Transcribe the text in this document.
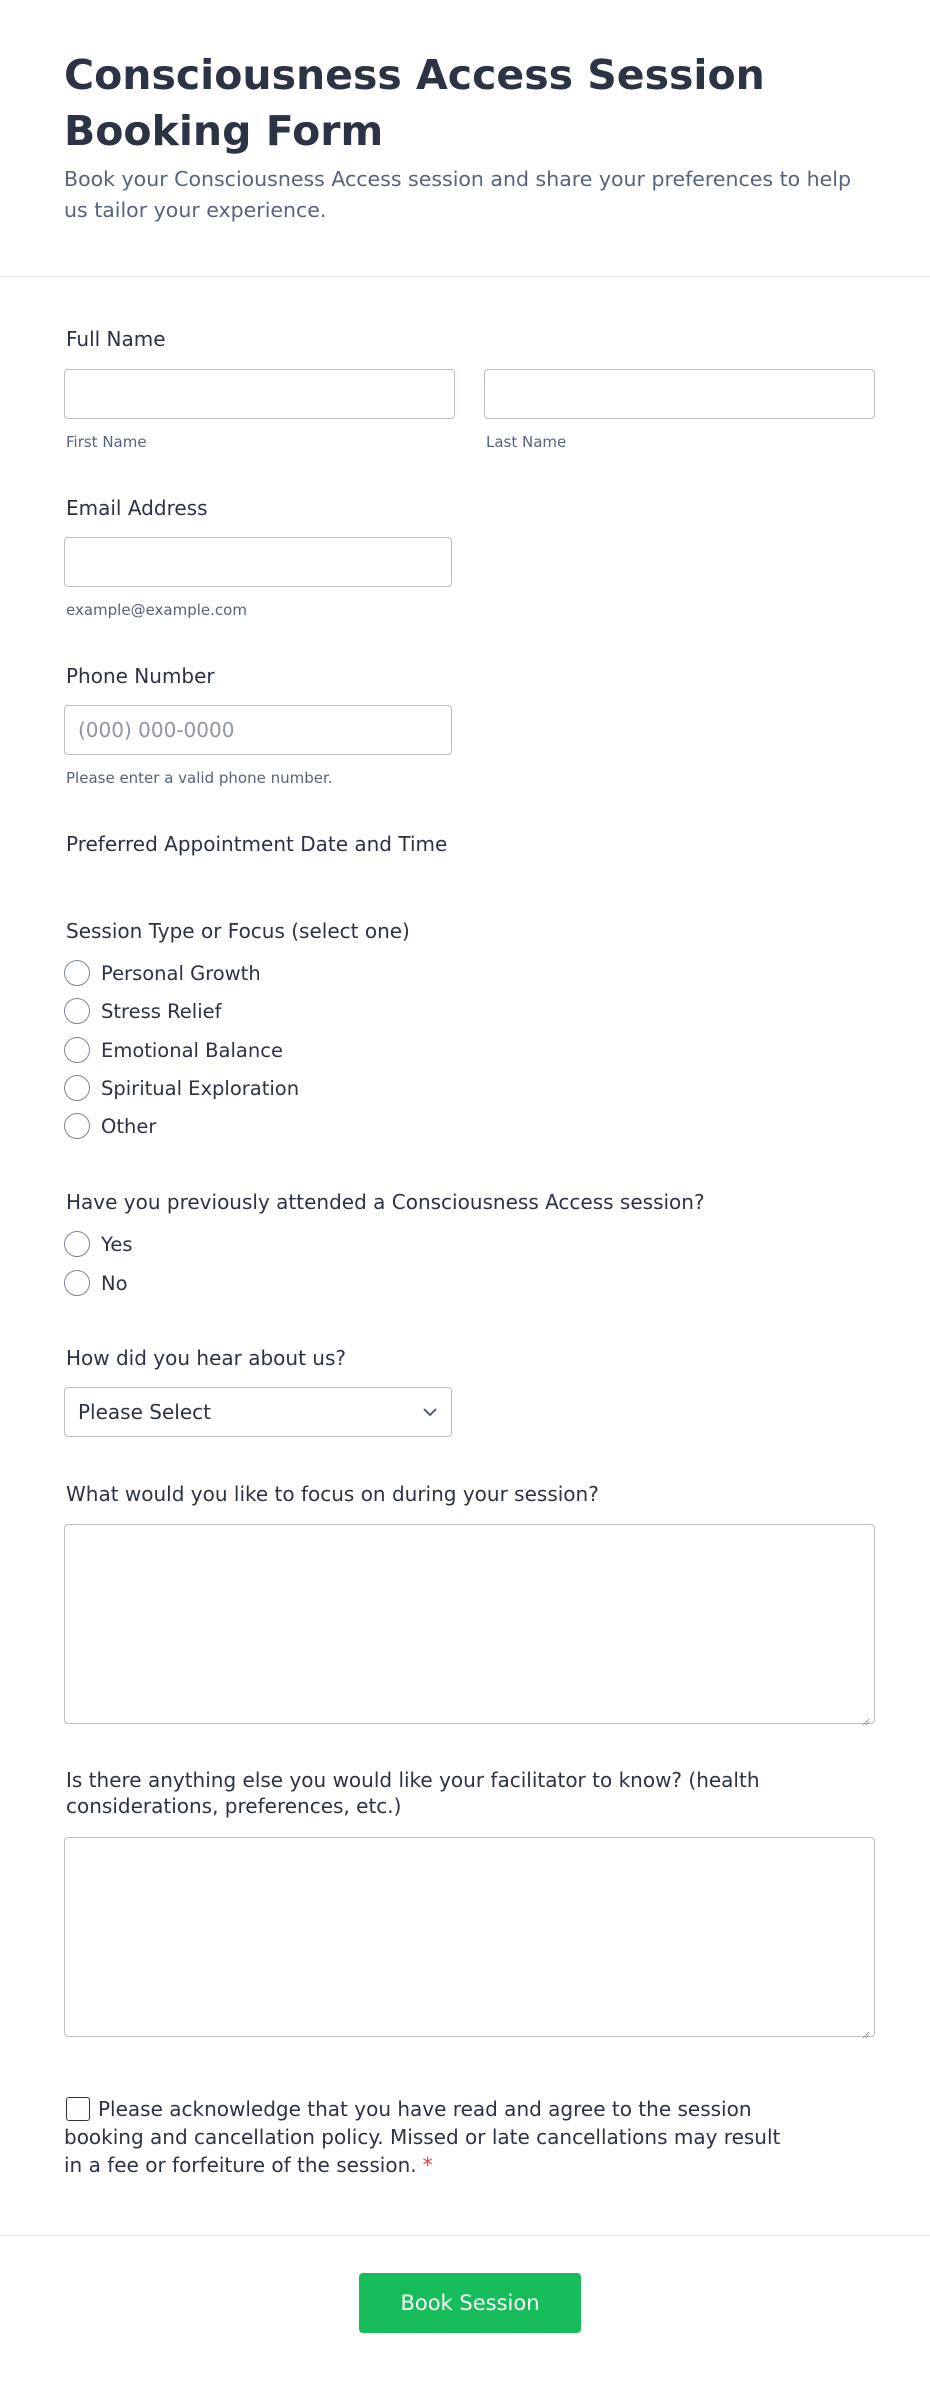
Consciousness Access Session Booking Form

Book your Consciousness Access session and share your preferences to help us tailor your experience.

Full Name
First Name	Last Name
Email Address
example@example.com
Phone Number
(000) 000-0000
Please enter a valid phone number.
Preferred Appointment Date and Time
Session Type or Focus (select one)
Personal Growth
Stress Relief
Emotional Balance
Spiritual Exploration
Other
Have you previously attended a Consciousness Access session?
Yes
No
How did you hear about us?
Please Select
What would you like to focus on during your session?
Is there anything else you would like your facilitator to know? (health considerations, preferences, etc.)
Please acknowledge that you have read and agree to the session booking and cancellation policy. Missed or late cancellations may result in a fee or forfeiture of the session. *
Book Session
